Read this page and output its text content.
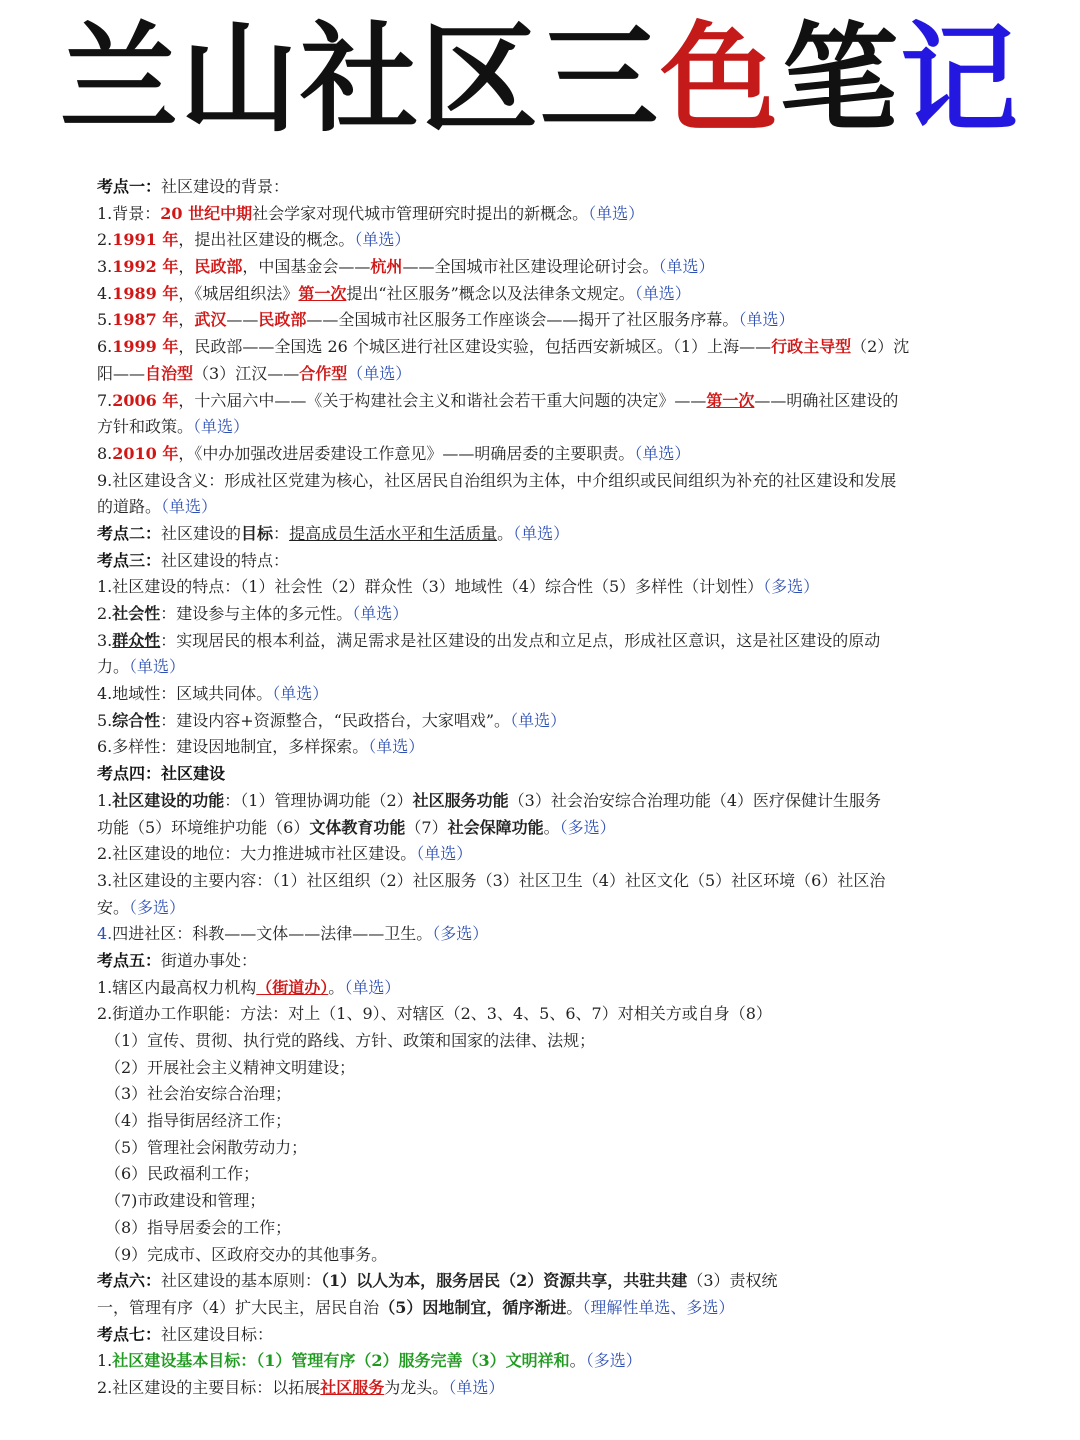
兰山社区三色笔记
考点一：社区建设的背景：
1.背景：20 世纪中期社会学家对现代城市管理研究时提出的新概念。（单选）
2.1991 年，提出社区建设的概念。（单选）
3.1992 年，民政部，中国基金会——杭州——全国城市社区建设理论研讨会。（单选）
4.1989 年，《城居组织法》第一次提出“社区服务”概念以及法律条文规定。（单选）
5.1987 年，武汉——民政部——全国城市社区服务工作座谈会——揭开了社区服务序幕。（单选）
6.1999 年，民政部——全国选 26 个城区进行社区建设实验，包括西安新城区。（1）上海——行政主导型（2）沈
阳——自治型（3）江汉——合作型（单选）
7.2006 年，十六届六中——《关于构建社会主义和谐社会若干重大问题的决定》——第一次——明确社区建设的
方针和政策。（单选）
8.2010 年，《中办加强改进居委建设工作意见》——明确居委的主要职责。（单选）
9.社区建设含义：形成社区党建为核心，社区居民自治组织为主体，中介组织或民间组织为补充的社区建设和发展
的道路。（单选）
考点二：社区建设的目标：提高成员生活水平和生活质量。（单选）
考点三：社区建设的特点：
1.社区建设的特点：（1）社会性（2）群众性（3）地域性（4）综合性（5）多样性（计划性）（多选）
2.社会性：建设参与主体的多元性。（单选）
3.群众性：实现居民的根本利益，满足需求是社区建设的出发点和立足点，形成社区意识，这是社区建设的原动
力。（单选）
4.地域性：区域共同体。（单选）
5.综合性：建设内容+资源整合，“民政搭台，大家唱戏”。（单选）
6.多样性：建设因地制宜，多样探索。（单选）
考点四：社区建设
1.社区建设的功能：（1）管理协调功能（2）社区服务功能（3）社会治安综合治理功能（4）医疗保健计生服务
功能（5）环境维护功能（6）文体教育功能（7）社会保障功能。（多选）
2.社区建设的地位：大力推进城市社区建设。（单选）
3.社区建设的主要内容：（1）社区组织（2）社区服务（3）社区卫生（4）社区文化（5）社区环境（6）社区治
安。（多选）
4.四进社区：科教——文体——法律——卫生。（多选）
考点五：街道办事处：
1.辖区内最高权力机构（街道办）。（单选）
2.街道办工作职能：方法：对上（1、9）、对辖区（2、3、4、5、6、7）对相关方或自身（8）
（1）宣传、贯彻、执行党的路线、方针、政策和国家的法律、法规；
（2）开展社会主义精神文明建设；
（3）社会治安综合治理；
（4）指导街居经济工作；
（5）管理社会闲散劳动力；
（6）民政福利工作；
（7)市政建设和管理；
（8）指导居委会的工作；
（9）完成市、区政府交办的其他事务。
考点六：社区建设的基本原则：（1）以人为本，服务居民（2）资源共享，共驻共建（3）责权统
一，管理有序（4）扩大民主，居民自治（5）因地制宜，循序渐进。（理解性单选、多选）
考点七：社区建设目标：
1.社区建设基本目标：（1）管理有序（2）服务完善（3）文明祥和。（多选）
2.社区建设的主要目标：以拓展社区服务为龙头。（单选）
